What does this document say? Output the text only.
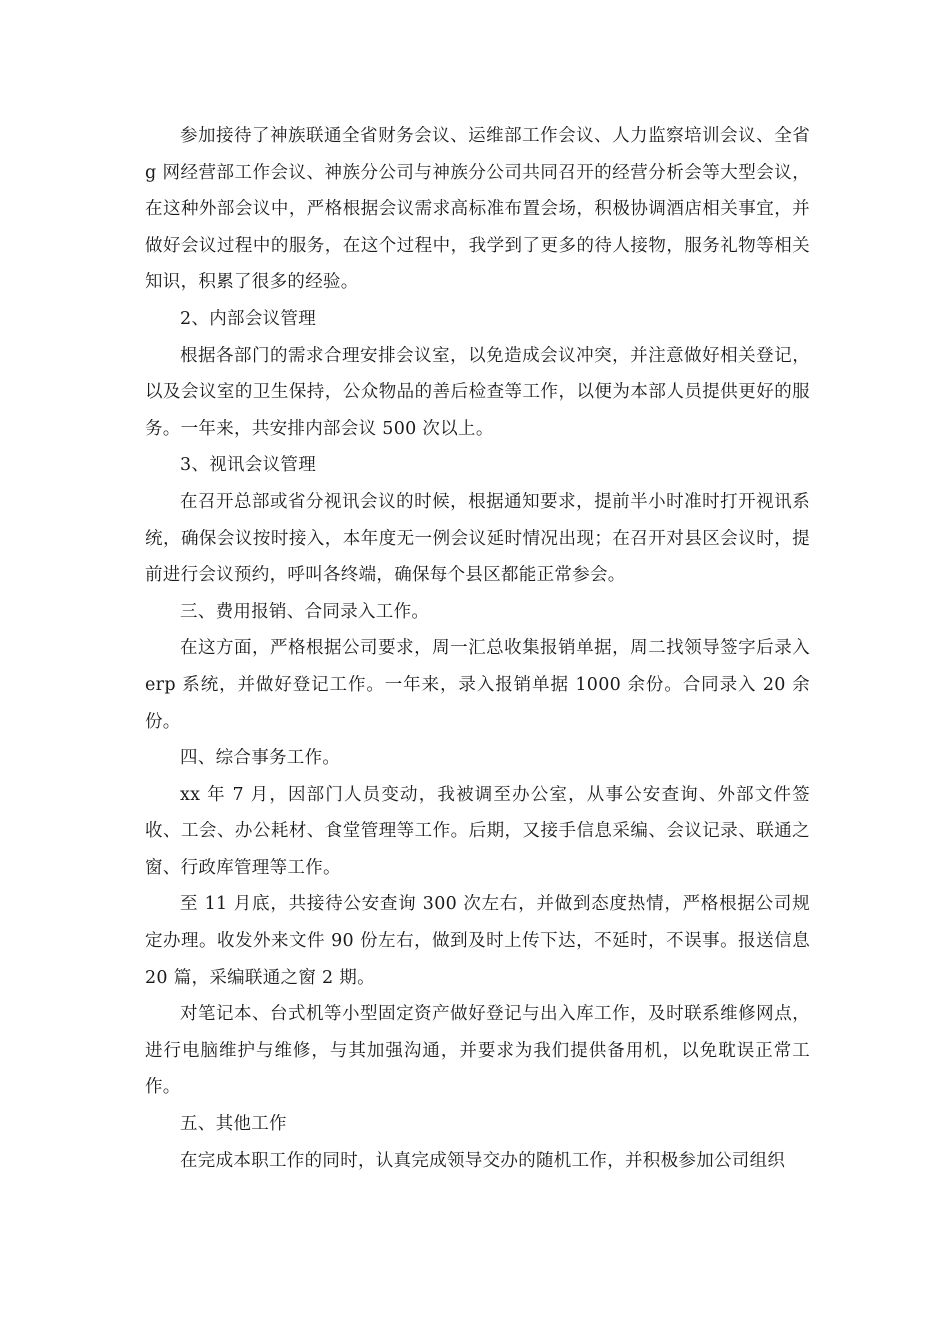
参加接待了神族联通全省财务会议、运维部工作会议、人力监察培训会议、全省 g 网经营部工作会议、神族分公司与神族分公司共同召开的经营分析会等大型会议，在这种外部会议中，严格根据会议需求高标准布置会场，积极协调酒店相关事宜，并做好会议过程中的服务，在这个过程中，我学到了更多的待人接物，服务礼物等相关知识，积累了很多的经验。

2、内部会议管理

根据各部门的需求合理安排会议室，以免造成会议冲突，并注意做好相关登记，以及会议室的卫生保持，公众物品的善后检查等工作，以便为本部人员提供更好的服务。一年来，共安排内部会议 500 次以上。

3、视讯会议管理

在召开总部或省分视讯会议的时候，根据通知要求，提前半小时准时打开视讯系统，确保会议按时接入，本年度无一例会议延时情况出现；在召开对县区会议时，提前进行会议预约，呼叫各终端，确保每个县区都能正常参会。

三、费用报销、合同录入工作。

在这方面，严格根据公司要求，周一汇总收集报销单据，周二找领导签字后录入 erp 系统，并做好登记工作。一年来，录入报销单据 1000 余份。合同录入 20 余份。

四、综合事务工作。

xx 年 7 月，因部门人员变动，我被调至办公室，从事公安查询、外部文件签收、工会、办公耗材、食堂管理等工作。后期，又接手信息采编、会议记录、联通之窗、行政库管理等工作。

至 11 月底，共接待公安查询 300 次左右，并做到态度热情，严格根据公司规定办理。收发外来文件 90 份左右，做到及时上传下达，不延时，不误事。报送信息 20 篇，采编联通之窗 2 期。

对笔记本、台式机等小型固定资产做好登记与出入库工作，及时联系维修网点，进行电脑维护与维修，与其加强沟通，并要求为我们提供备用机，以免耽误正常工作。

五、其他工作

在完成本职工作的同时，认真完成领导交办的随机工作，并积极参加公司组织
